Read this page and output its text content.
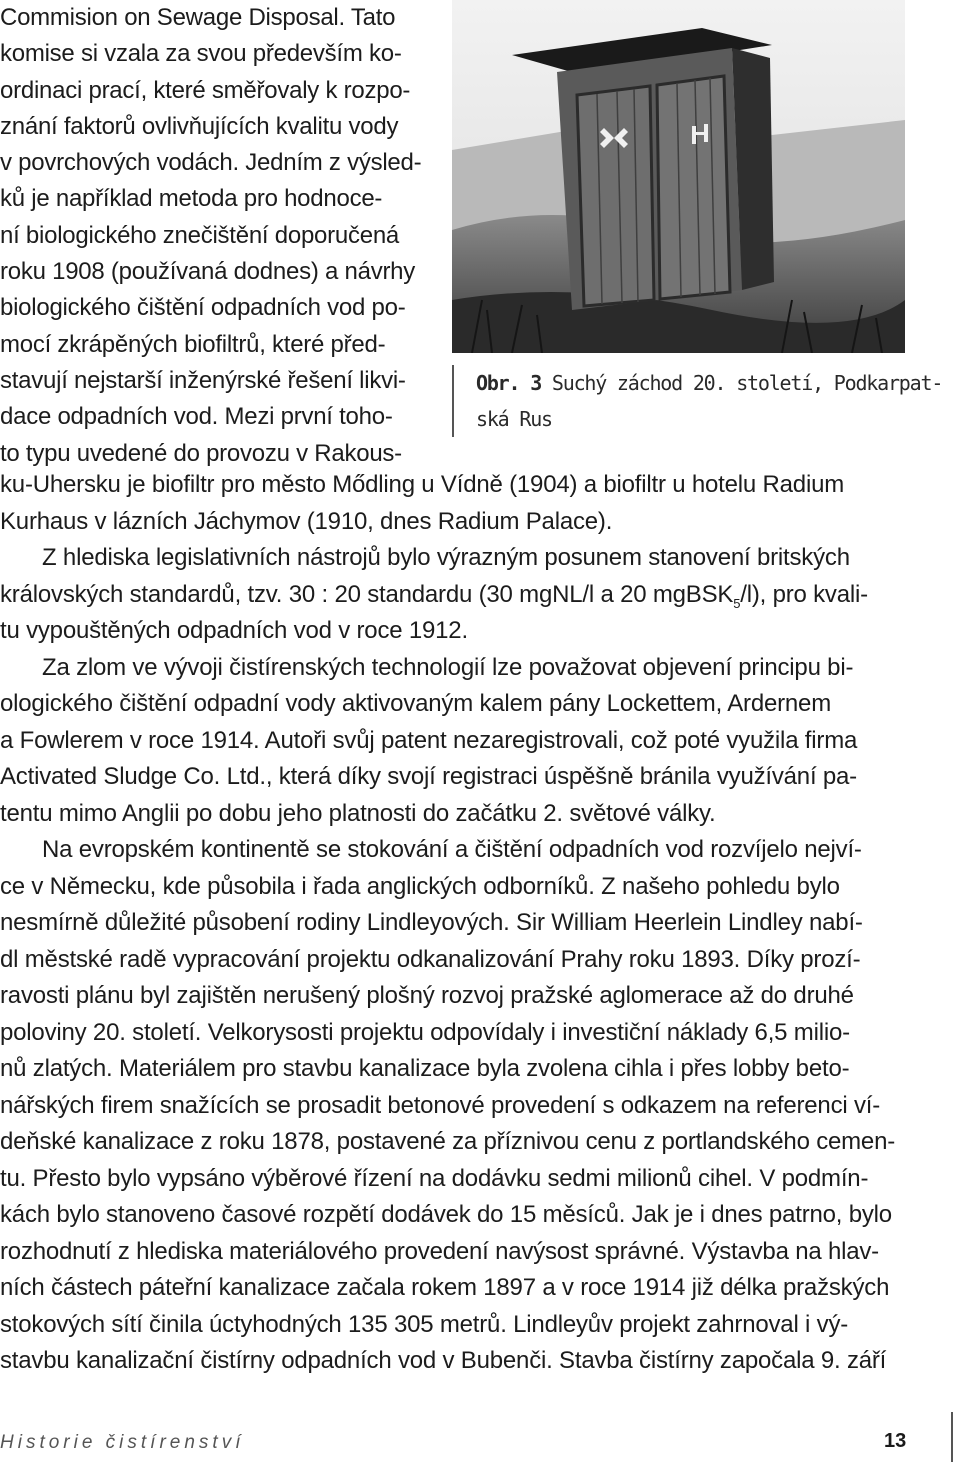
Commision on Sewage Disposal. Tato
komise si vzala za svou především ko-
ordinaci prací, které směřovaly k rozpo-
znání faktorů ovlivňujících kvalitu vody
v povrchových vodách. Jedním z výsled-
ků je například metoda pro hodnoce-
ní biologického znečištění doporučená
roku 1908 (používaná dodnes) a návrhy
biologického čištění odpadních vod po-
mocí zkrápěných biofiltrů, které před-
stavují nejstarší inženýrské řešení likvi-
dace odpadních vod. Mezi první toho-
to typu uvedené do provozu v Rakous-
Obr. 3 Suchý záchod 20. století, Podkarpat-
ská Rus
ku-Uhersku je biofiltr pro město Mődling u Vídně (1904) a biofiltr u hotelu Radium
Kurhaus v lázních Jáchymov (1910, dnes Radium Palace).
Z hlediska legislativních nástrojů bylo výrazným posunem stanovení britských
královských standardů, tzv. 30 : 20 standardu (30 mgNL/l a 20 mgBSK$_5$/l), pro kvali-
tu vypouštěných odpadních vod v roce 1912.
Za zlom ve vývoji čistírenských technologií lze považovat objevení principu bi-
ologického čištění odpadní vody aktivovaným kalem pány Lockettem, Ardernem
a Fowlerem v roce 1914. Autoři svůj patent nezaregistrovali, což poté využila firma
Activated Sludge Co. Ltd., která díky svojí registraci úspěšně bránila využívání pa-
tentu mimo Anglii po dobu jeho platnosti do začátku 2. světové války.
Na evropském kontinentě se stokování a čištění odpadních vod rozvíjelo nejví-
ce v Německu, kde působila i řada anglických odborníků. Z našeho pohledu bylo
nesmírně důležité působení rodiny Lindleyových. Sir William Heerlein Lindley nabí-
dl městské radě vypracování projektu odkanalizování Prahy roku 1893. Díky prozí-
ravosti plánu byl zajištěn nerušený plošný rozvoj pražské aglomerace až do druhé
poloviny 20. století. Velkorysosti projektu odpovídaly i investiční náklady 6,5 milio-
nů zlatých. Materiálem pro stavbu kanalizace byla zvolena cihla i přes lobby beto-
nářských firem snažících se prosadit betonové provedení s odkazem na referenci ví-
deňské kanalizace z roku 1878, postavené za příznivou cenu z portlandského cemen-
tu. Přesto bylo vypsáno výběrové řízení na dodávku sedmi milionů cihel. V podmín-
kách bylo stanoveno časové rozpětí dodávek do 15 měsíců. Jak je i dnes patrno, bylo
rozhodnutí z hlediska materiálového provedení navýsost správné. Výstavba na hlav-
ních částech páteřní kanalizace začala rokem 1897 a v roce 1914 již délka pražských
stokových sítí činila úctyhodných 135 305 metrů. Lindleyův projekt zahrnoval i vý-
stavbu kanalizační čistírny odpadních vod v Bubenči. Stavba čistírny započala 9. září
Historie čistírenství	13
